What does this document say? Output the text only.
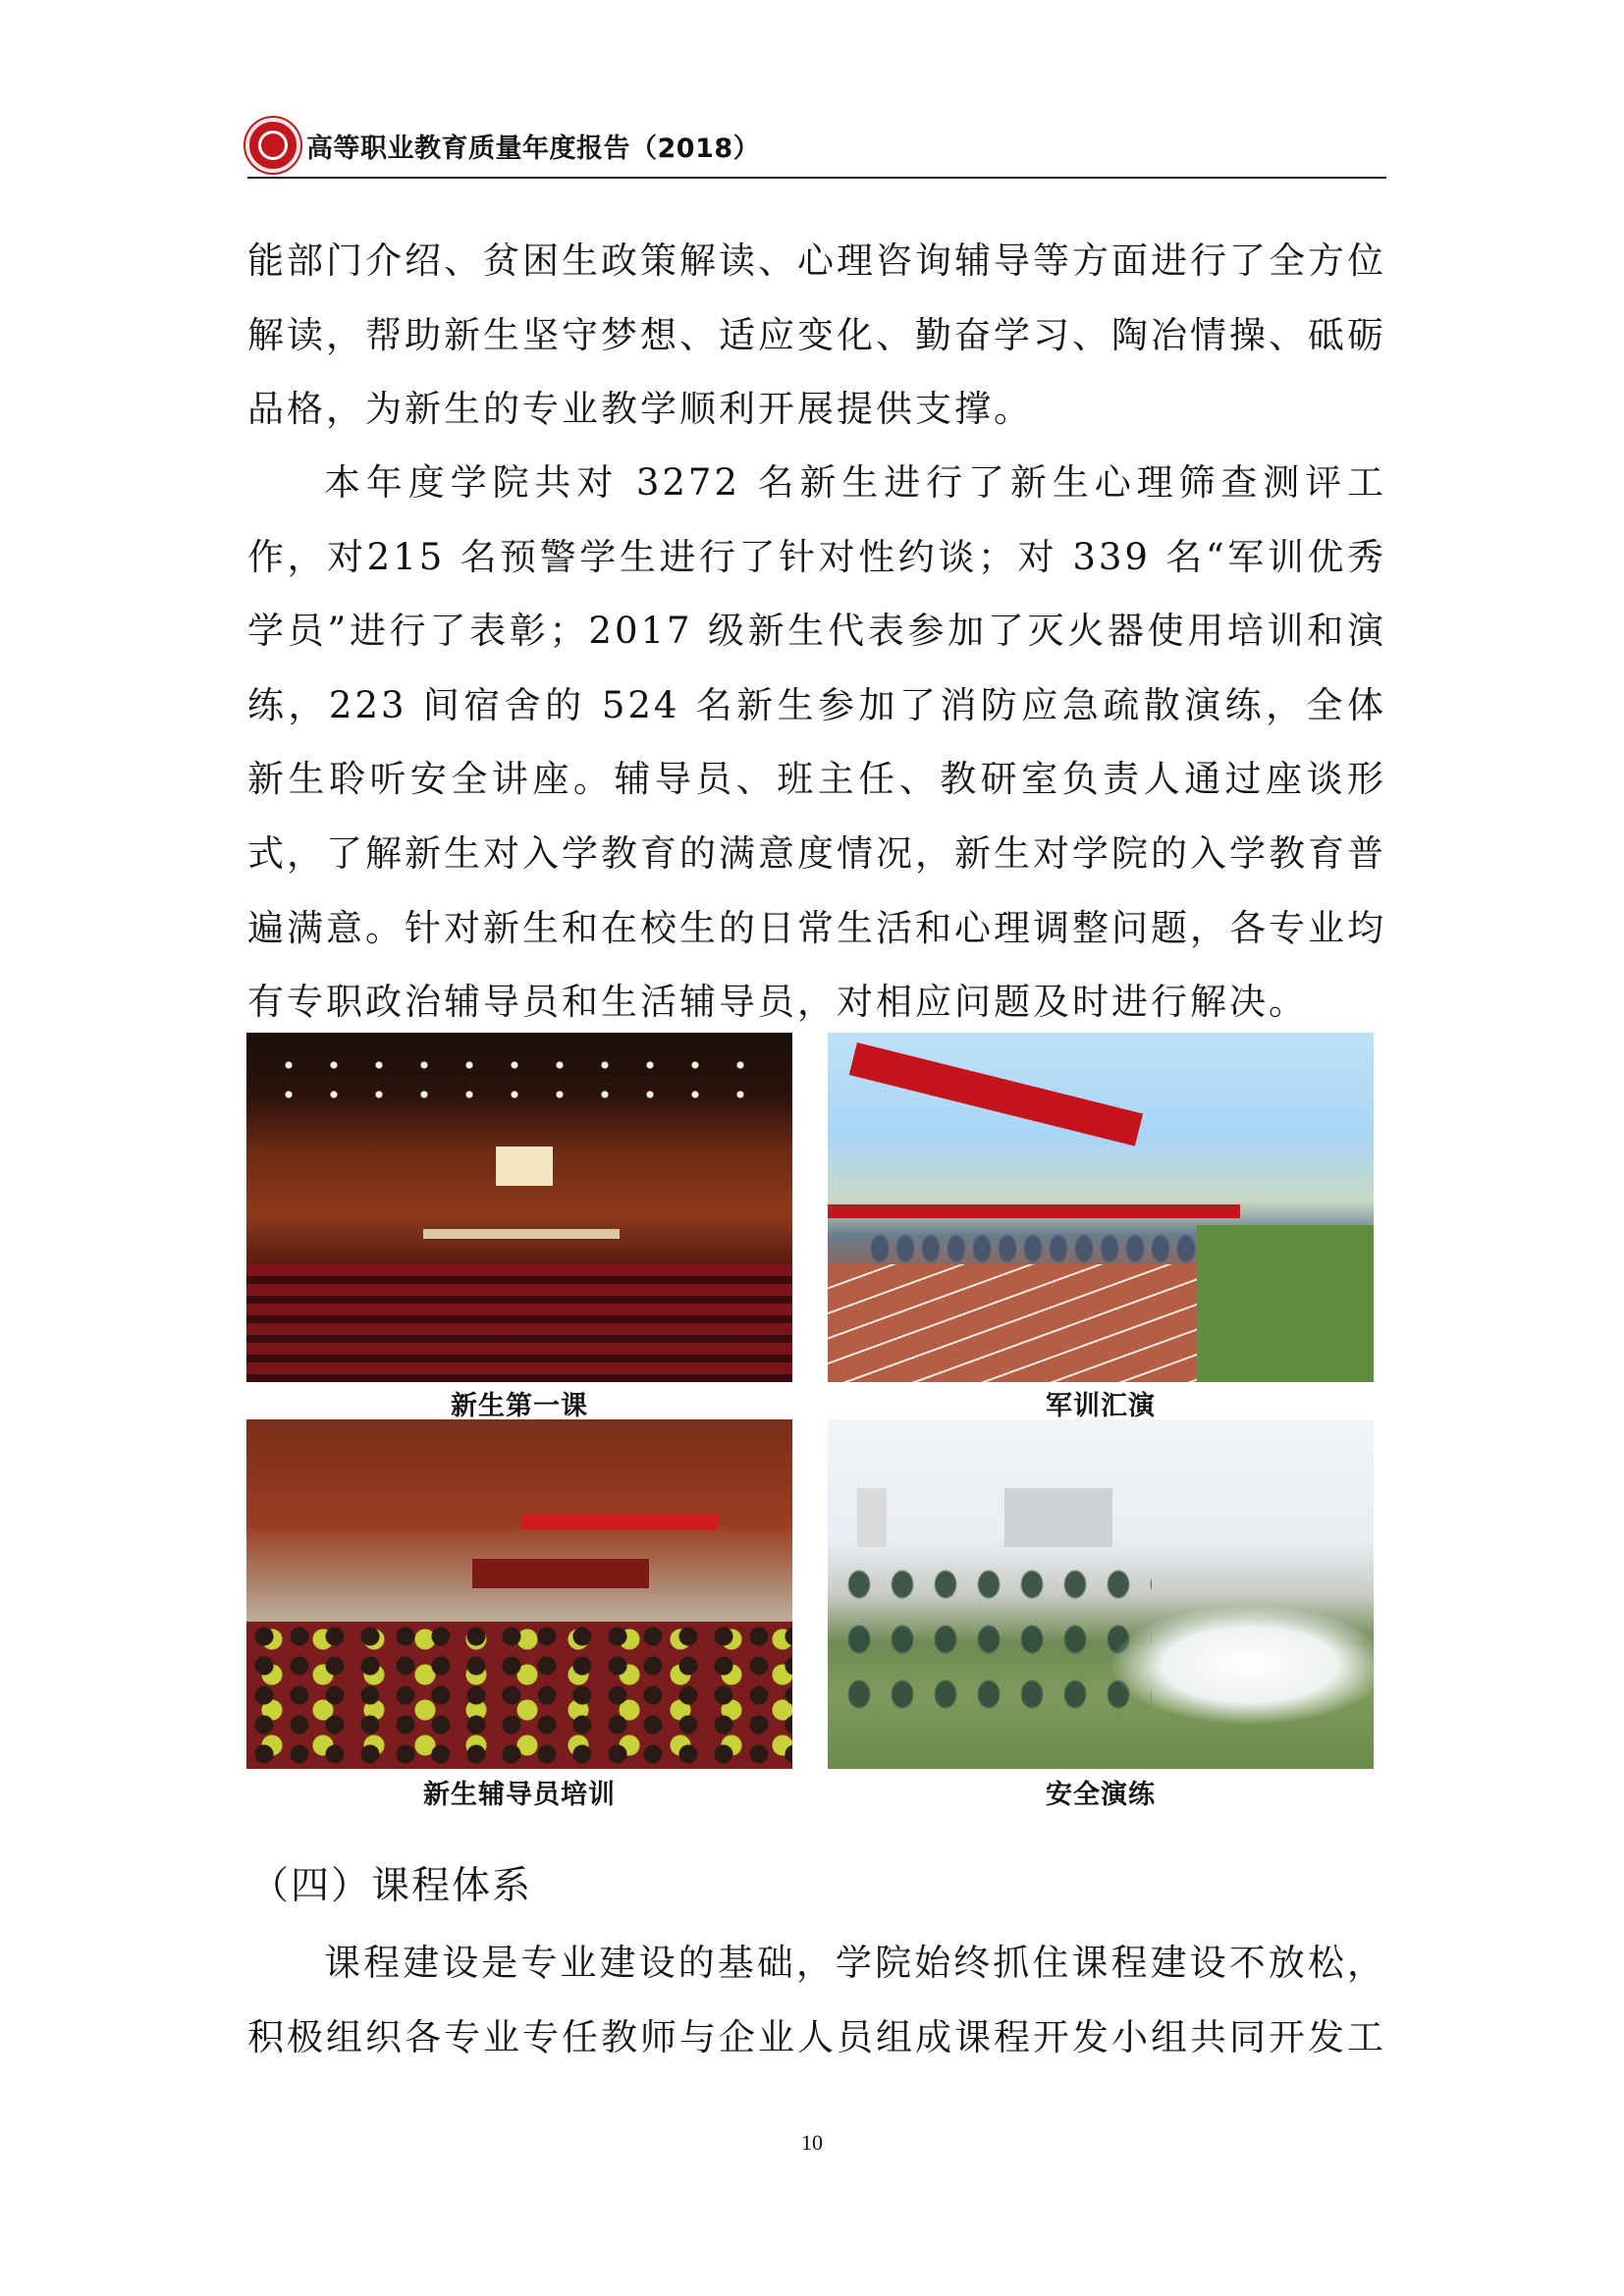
高等职业教育质量年度报告（2018）

能部门介绍、贫困生政策解读、心理咨询辅导等方面进行了全方位解读，帮助新生坚守梦想、适应变化、勤奋学习、陶冶情操、砥砺品格，为新生的专业教学顺利开展提供支撑。

本年度学院共对 3272 名新生进行了新生心理筛查测评工作，对215 名预警学生进行了针对性约谈；对 339 名“军训优秀学员”进行了表彰；2017 级新生代表参加了灭火器使用培训和演练，223 间宿舍的 524 名新生参加了消防应急疏散演练，全体新生聆听安全讲座。辅导员、班主任、教研室负责人通过座谈形式，了解新生对入学教育的满意度情况，新生对学院的入学教育普遍满意。针对新生和在校生的日常生活和心理调整问题，各专业均有专职政治辅导员和生活辅导员，对相应问题及时进行解决。

新生第一课	军训汇演
新生辅导员培训	安全演练
（四）课程体系

课程建设是专业建设的基础，学院始终抓住课程建设不放松，积极组织各专业专任教师与企业人员组成课程开发小组共同开发工

10
